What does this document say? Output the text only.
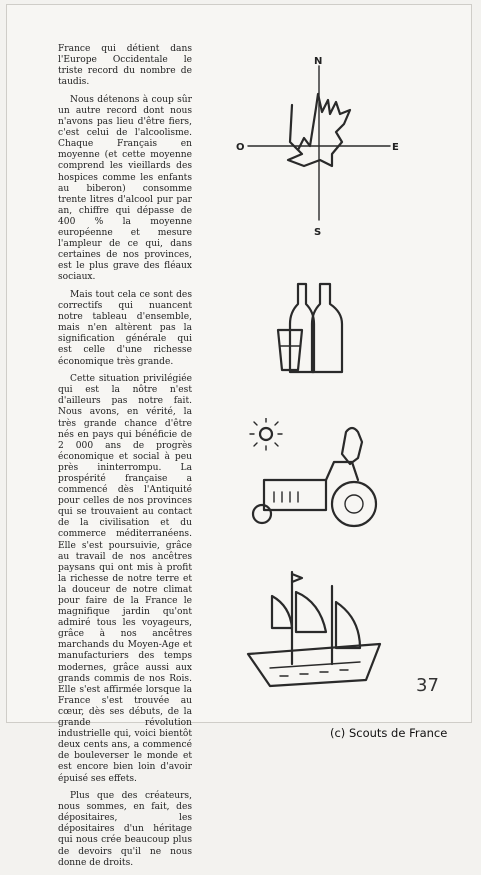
France qui détient dans l'Europe Occidentale le triste record du nombre de taudis.

Nous détenons à coup sûr un autre record dont nous n'avons pas lieu d'être fiers, c'est celui de l'alcoolisme. Chaque Français en moyenne (et cette moyenne comprend les vieillards des hospices comme les enfants au biberon) consomme trente litres d'alcool pur par an, chiffre qui dépasse de 400 % la moyenne européenne et mesure l'ampleur de ce qui, dans certaines de nos provinces, est le plus grave des fléaux sociaux.

Mais tout cela ce sont des correctifs qui nuancent notre tableau d'ensemble, mais n'en altèrent pas la signification générale qui est celle d'une richesse économique très grande.

Cette situation privilégiée qui est la nôtre n'est d'ailleurs pas notre fait. Nous avons, en vérité, la très grande chance d'être nés en pays qui bénéficie de 2 000 ans de progrès économique et social à peu près ininterrompu. La prospérité française a commencé dès l'Antiquité pour celles de nos provinces qui se trouvaient au contact de la civilisation et du commerce méditerranéens. Elle s'est poursuivie, grâce au travail de nos ancêtres paysans qui ont mis à profit la richesse de notre terre et la douceur de notre climat pour faire de la France le magnifique jardin qu'ont admiré tous les voyageurs, grâce à nos ancêtres marchands du Moyen-Age et manufacturiers des temps modernes, grâce aussi aux grands commis de nos Rois. Elle s'est affirmée lorsque la France s'est trouvée au cœur, dès ses débuts, de la grande révolution industrielle qui, voici bientôt deux cents ans, a commencé de bouleverser le monde et est encore bien loin d'avoir épuisé ses effets.

Plus que des créateurs, nous sommes, en fait, des dépositaires, les dépositaires d'un héritage qui nous crée beaucoup plus de devoirs qu'il ne nous donne de droits.

N
S
E
O
37
(c) Scouts de France
